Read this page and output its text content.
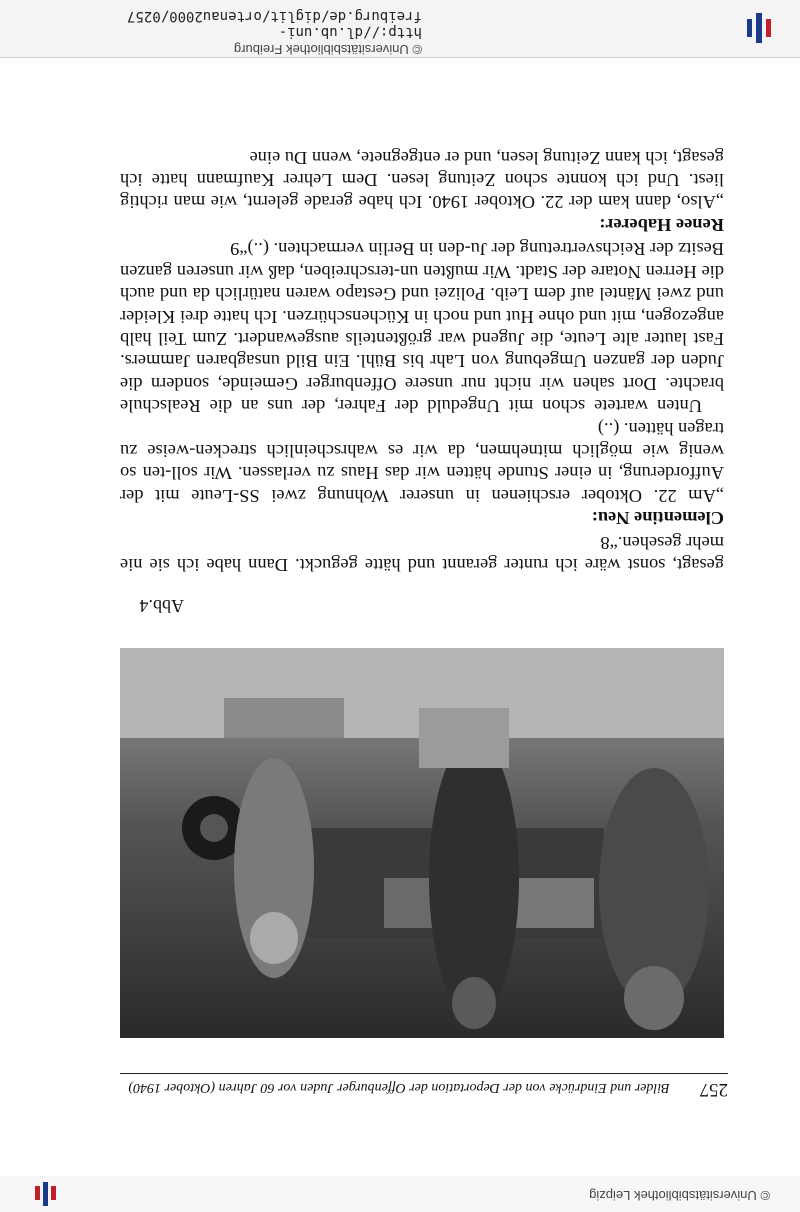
© Universitätsbibliothek Leipzig
257 Bilder und Eindrücke von der Deportation der Offenburger Juden vor 60 Jahren (Oktober 1940)
Abb.4

gesagt, sonst wäre ich runter gerannt und hätte geguckt. Dann habe ich sie nie mehr gesehen.“8

Clementine Neu:

„Am 22. Oktober erschienen in unserer Wohnung zwei SS-Leute mit der Aufforderung, in einer Stunde hätten wir das Haus zu verlassen. Wir soll-ten so wenig wie möglich mitnehmen, da wir es wahrscheinlich strecken-weise zu tragen hätten. (..)

Unten wartete schon mit Ungeduld der Fahrer, der uns an die Realschule brachte. Dort sahen wir nicht nur unsere Offenburger Gemeinde, sondern die Juden der ganzen Umgebung von Lahr bis Bühl. Ein Bild unsagbaren Jammers. Fast lauter alte Leute, die Jugend war größtenteils ausgewandert. Zum Teil halb angezogen, mit und ohne Hut und noch in Küchenschürzen. Ich hatte drei Kleider und zwei Mäntel auf dem Leib. Polizei und Gestapo waren natürlich da und auch die Herren Notare der Stadt. Wir mußten un-terschreiben, daß wir unseren ganzen Besitz der Reichsvertretung der Ju-den in Berlin vermachten. (..)“9

Renee Haberer:

„Also, dann kam der 22. Oktober 1940. Ich habe gerade gelernt, wie man richtig liest. Und ich konnte schon Zeitung lesen. Dem Lehrer Kaufmann hatte ich gesagt, ich kann Zeitung lesen, und er entgegnete, wenn Du eine

© Universitätsbibliothek Freiburg
http://dl.ub.uni-freiburg.de/diglit/ortenau2000/0257
